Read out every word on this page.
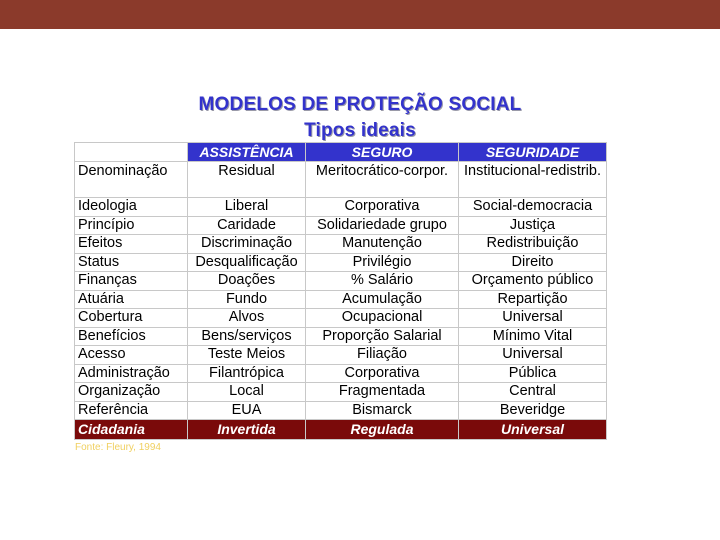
MODELOS DE PROTEÇÃO SOCIAL
Tipos ideais
	ASSISTÊNCIA	SEGURO	SEGURIDADE
Denominação	Residual	Meritocrático-corpor.	Institucional-redistrib.
Ideologia	Liberal	Corporativa	Social-democracia
Princípio	Caridade	Solidariedade grupo	Justiça
Efeitos	Discriminação	Manutenção	Redistribuição
Status	Desqualificação	Privilégio	Direito
Finanças	Doações	% Salário	Orçamento público
Atuária	Fundo	Acumulação	Repartição
Cobertura	Alvos	Ocupacional	Universal
Benefícios	Bens/serviços	Proporção Salarial	Mínimo Vital
Acesso	Teste Meios	Filiação	Universal
Administração	Filantrópica	Corporativa	Pública
Organização	Local	Fragmentada	Central
Referência	EUA	Bismarck	Beveridge
Cidadania	Invertida	Regulada	Universal
Fonte: Fleury, 1994
